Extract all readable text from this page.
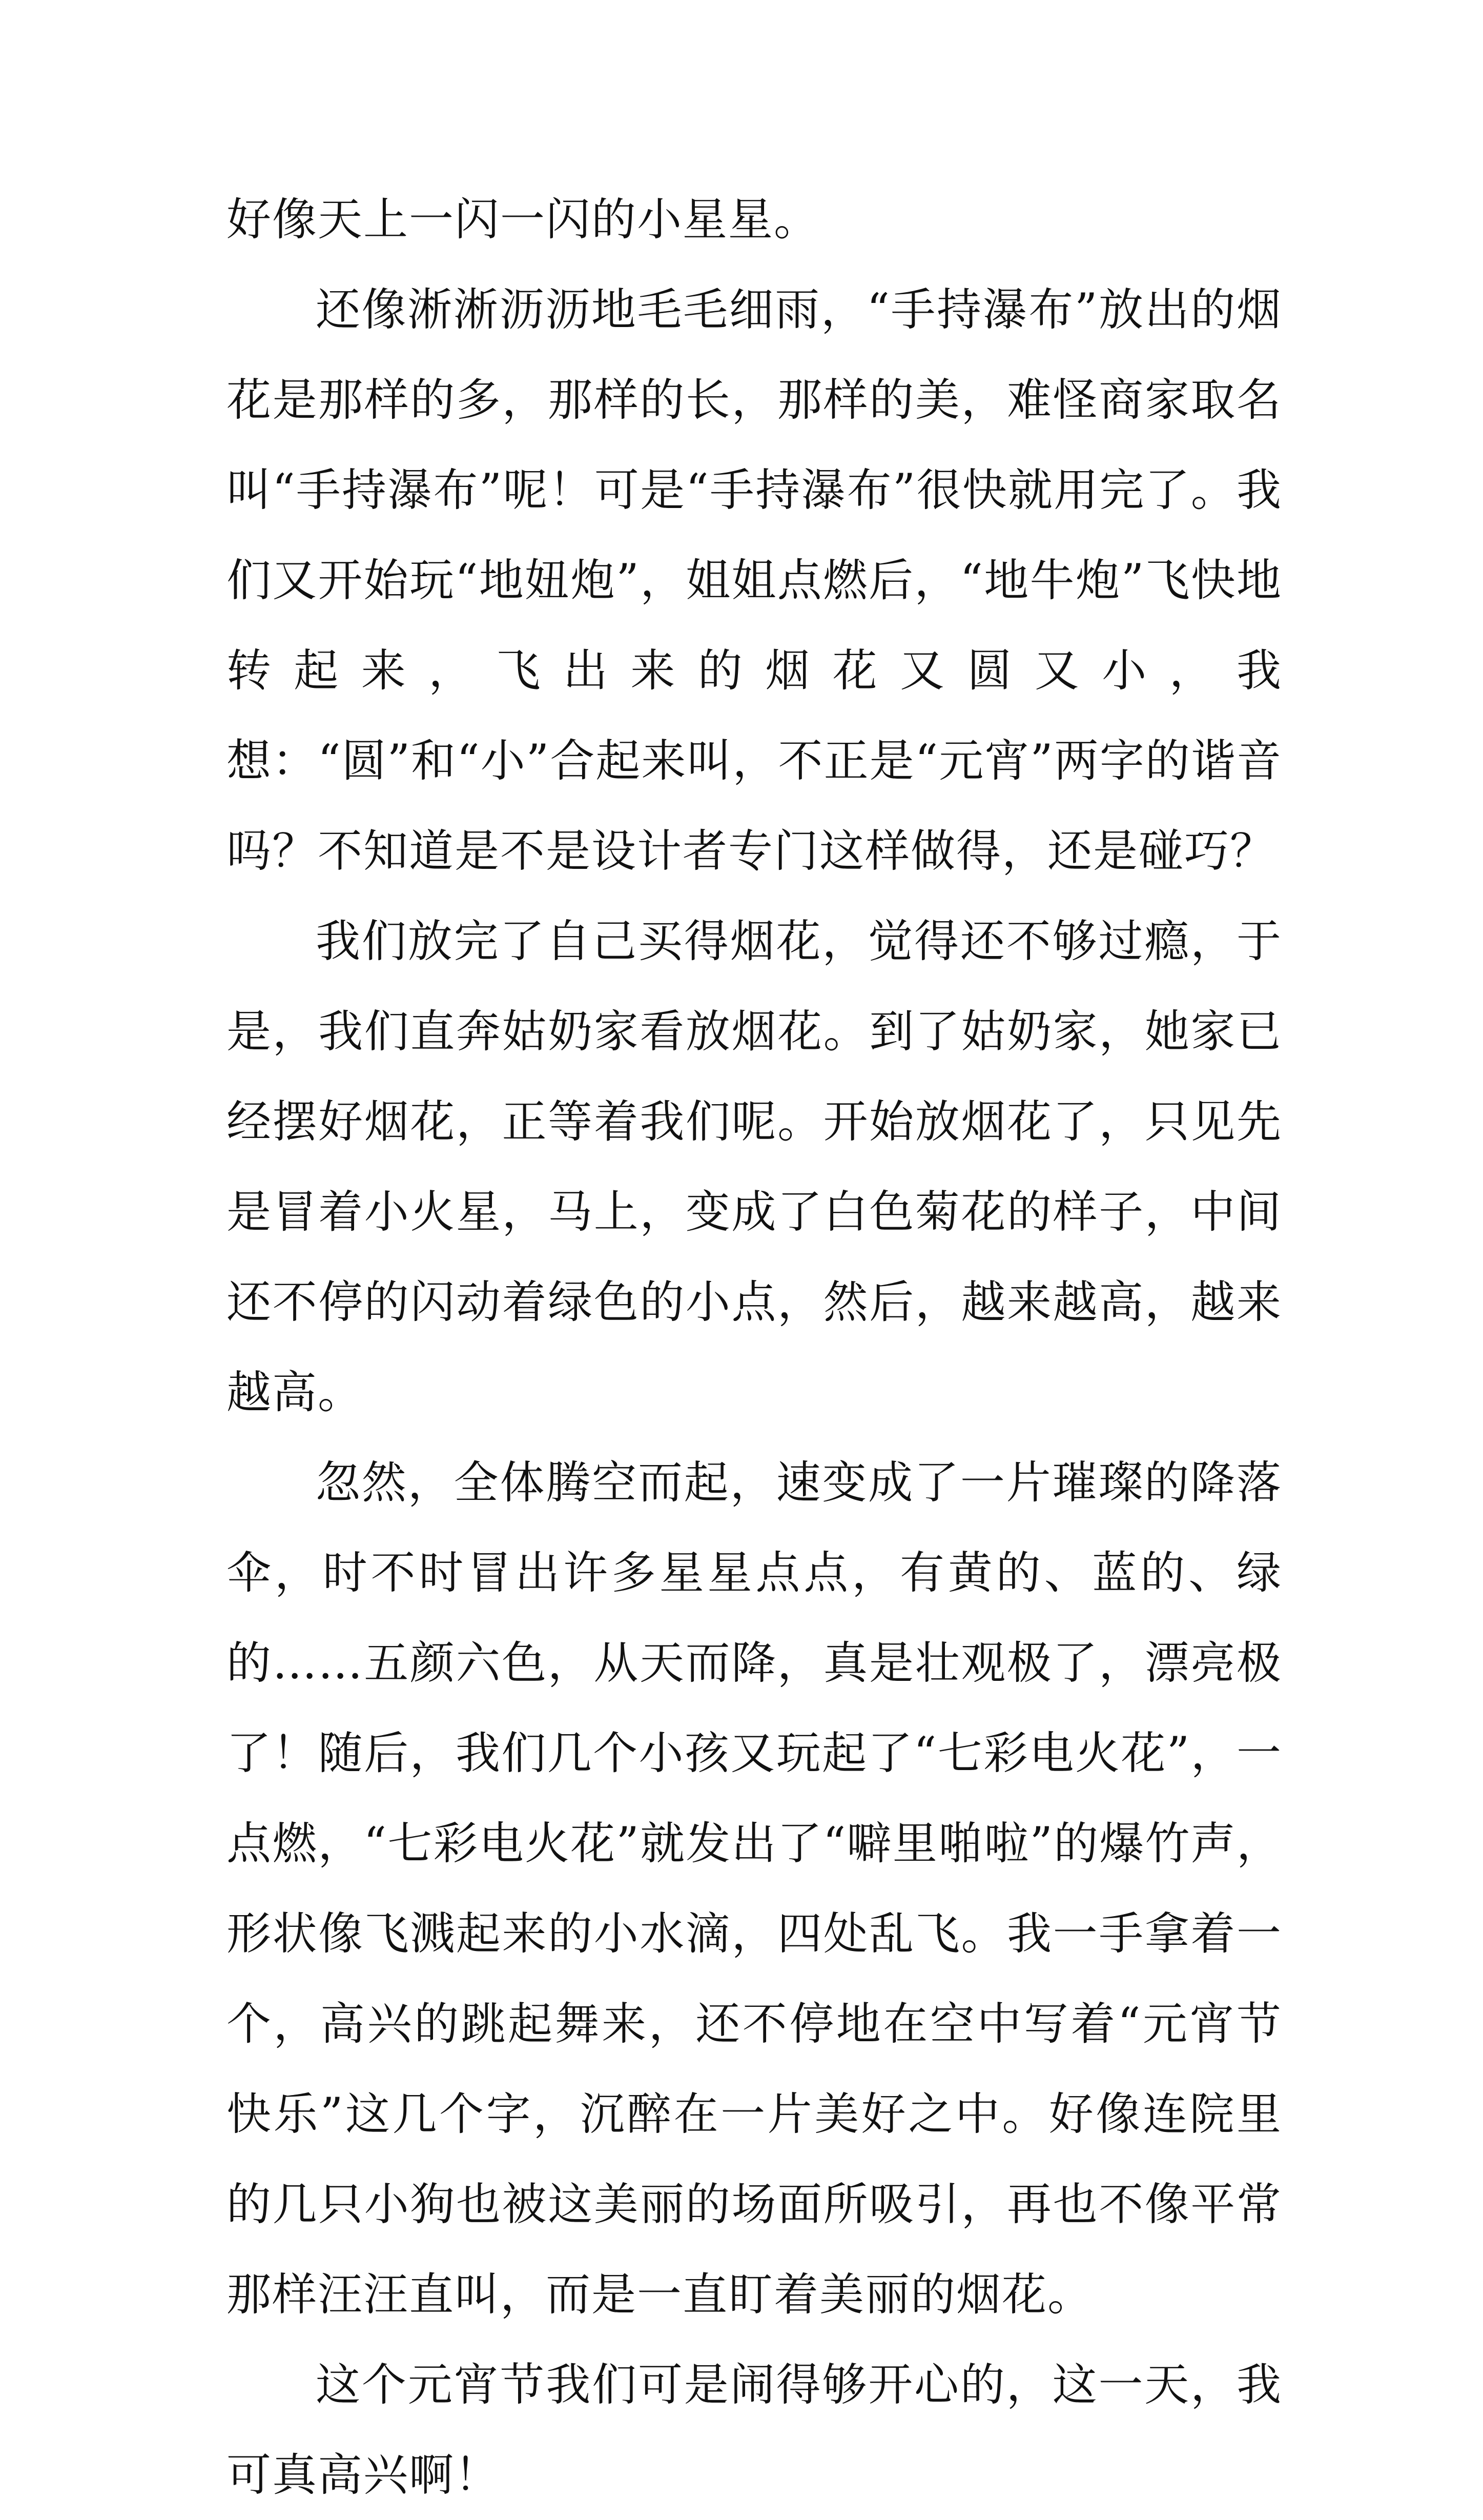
好像天上一闪一闪的小星星。

还像淅淅沥沥地毛毛细雨，“手持瀑布”放出的烟花是那样的多，那样的长，那样的美，难怪商家取名叫“手持瀑布”呢！可是“手持瀑布”很快就用完了。我们又开始玩“地妞炮”，姐姐点燃后，“地牛炮”飞快地转起来，飞出来的烟花又圆又小，我想：“圆”和“小”合起来叫，不正是“元宵”两字的谐音吗？不知道是不是设计者专门这样做得，还是碰巧？

我们放完了自己买得烟花，觉得还不够过瘾，于是，我们直奔姑奶家看放烟花。到了姑奶家，她家已经摆好烟花，正等着我们呢。开始放烟花了，只见先是冒着小火星，马上，变成了白色菊花的样子，中间还不停的闪动着绿色的小点，然后，越来越高，越来越高。

忽然，全体腾空而起，速变成了一片璀璨的降落伞，时不时冒出许多星星点点，有黄的、蓝的、绿的……五颜六色，从天而降，真是壮观极了，漂亮极了！随后，我们几个小孩又玩起了“七彩电火花”，一点燃，“七彩电火花”就发出了“噼里啪啦”的爆竹声，形状像飞溅起来的小水滴，四处乱飞。我一手拿着一个，高兴的跳起舞来，还不停地在空中写着“元宵节快乐”这几个字，沉醉在一片美好之中。好像连院里的几只小狗也被这美丽的场面所吸引，再也不像平常那样汪汪直叫，而是一直盯着美丽的烟花。

这个元宵节我们可是闹得够开心的，这一天，我可真高兴啊！
